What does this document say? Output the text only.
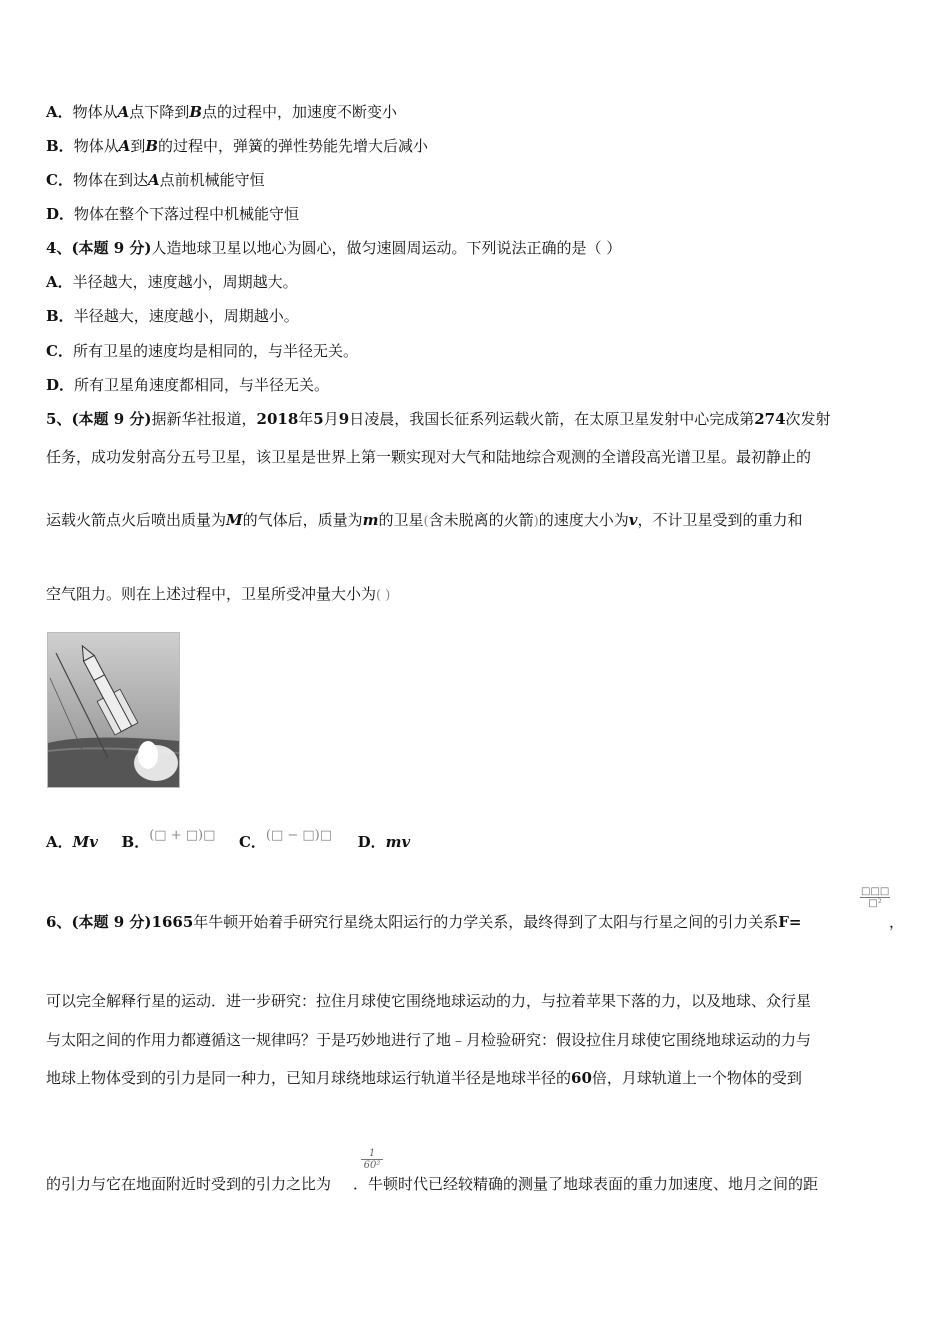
A．物体从A点下降到B点的过程中，加速度不断变小
B．物体从A到B的过程中，弹簧的弹性势能先增大后减小
C．物体在到达A点前机械能守恒
D．物体在整个下落过程中机械能守恒
4、(本题 9 分)人造地球卫星以地心为圆心，做匀速圆周运动。下列说法正确的是（ ）
A．半径越大，速度越小，周期越大。
B．半径越大，速度越小，周期越小。
C．所有卫星的速度均是相同的，与半径无关。
D．所有卫星角速度都相同，与半径无关。
5、(本题 9 分)据新华社报道，2018年5月9日凌晨，我国长征系列运载火箭，在太原卫星发射中心完成第274次发射
任务，成功发射高分五号卫星，该卫星是世界上第一颗实现对大气和陆地综合观测的全谱段高光谱卫星。最初静止的
运载火箭点火后喷出质量为M的气体后，质量为m的卫星(含未脱离的火箭)的速度大小为v，不计卫星受到的重力和
空气阻力。则在上述过程中，卫星所受冲量大小为( )
A．Mv B．(□ + □)□ C．(□ − □)□ D．mv
6、(本题 9 分)1665年牛顿开始着手研究行星绕太阳运行的力学关系，最终得到了太阳与行星之间的引力关系F=
□□□
□²
，
可以完全解释行星的运动．进一步研究：拉住月球使它围绕地球运动的力，与拉着苹果下落的力，以及地球、众行星
与太阳之间的作用力都遵循这一规律吗？于是巧妙地进行了地﹣月检验研究：假设拉住月球使它围绕地球运动的力与
地球上物体受到的引力是同一种力，已知月球绕地球运行轨道半径是地球半径的60倍，月球轨道上一个物体的受到
的引力与它在地面附近时受到的引力之比为 ．牛顿时代已经较精确的测量了地球表面的重力加速度、地月之间的距
$\frac{1}{\text{60²}}$
